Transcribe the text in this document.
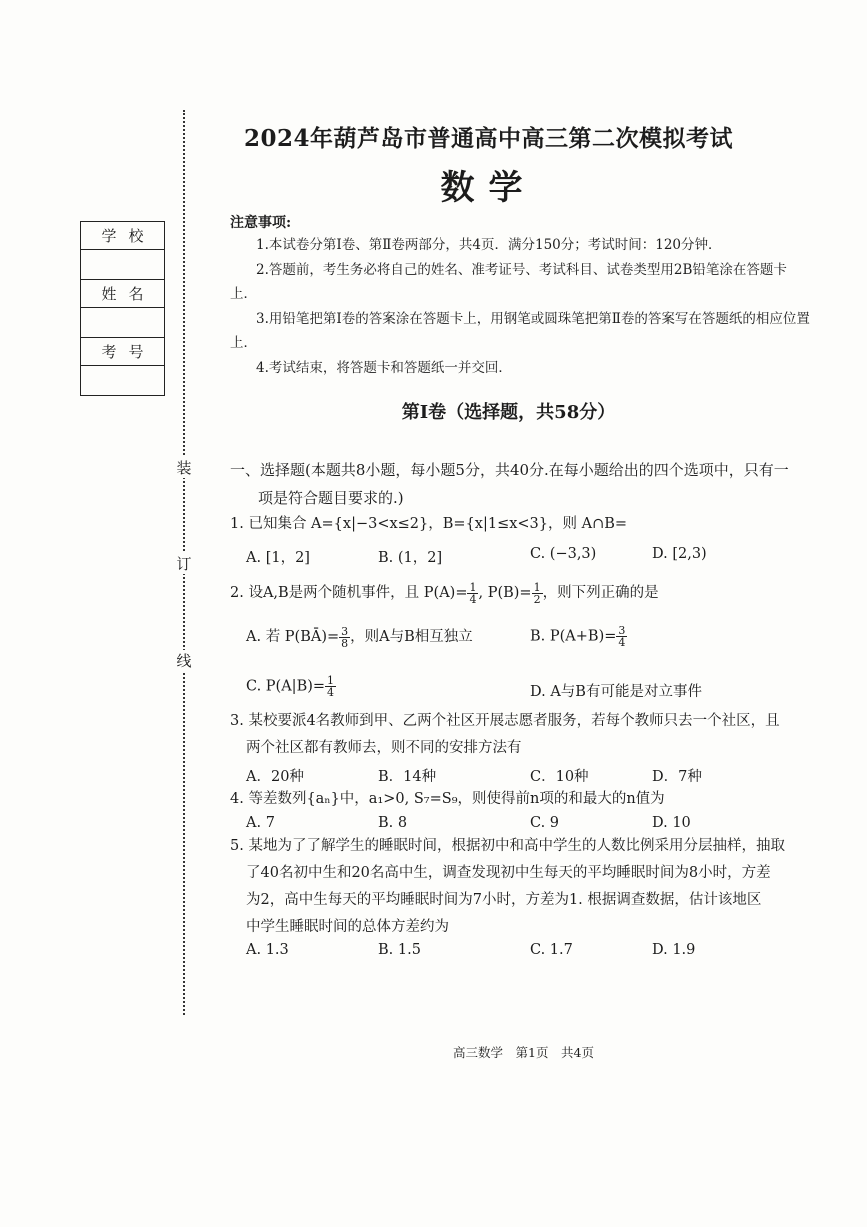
装
订
线
学校

姓名

考号

2024年葫芦岛市普通高中高三第二次模拟考试
数学
注意事项:

1.本试卷分第Ⅰ卷、第Ⅱ卷两部分，共4页．满分150分；考试时间：120分钟．

2.答题前，考生务必将自己的姓名、准考证号、考试科目、试卷类型用2B铅笔涂在答题卡上．

3.用铅笔把第Ⅰ卷的答案涂在答题卡上，用钢笔或圆珠笔把第Ⅱ卷的答案写在答题纸的相应位置上．

4.考试结束，将答题卡和答题纸一并交回．

第Ⅰ卷（选择题，共58分）
一、选择题(本题共8小题，每小题5分，共40分.在每小题给出的四个选项中，只有一
项是符合题目要求的.)
1. 已知集合 A={x|−3<x≤2}，B={x|1≤x<3}，则 A∩B=
A. [1，2]	B. (1，2]	C. (−3,3)	D. [2,3)
2. 设A,B是两个随机事件，且 $P(A)= \frac{1}{4}$ , $P(B)= \frac{1}{2}$ ，则下列正确的是
A. 若 P(BĀ)= $\frac{3}{8}$ ，则A与B相互独立	B. $P(A+B)= \frac{3}{4}$
C. $P(A|B)= \frac{1}{4}$	D. A与B有可能是对立事件
3. 某校要派4名教师到甲、乙两个社区开展志愿者服务，若每个教师只去一个社区，且
两个社区都有教师去，则不同的安排方法有
A．20种	B．14种	C．10种	D．7种
4. 等差数列{aₙ}中，a₁>0, S₇=S₉，则使得前n项的和最大的n值为
A. 7	B. 8	C. 9	D. 10
5. 某地为了了解学生的睡眠时间，根据初中和高中学生的人数比例采用分层抽样，抽取
了40名初中生和20名高中生，调查发现初中生每天的平均睡眠时间为8小时，方差
为2，高中生每天的平均睡眠时间为7小时，方差为1. 根据调查数据，估计该地区
中学生睡眠时间的总体方差约为
A. 1.3	B. 1.5	C. 1.7	D. 1.9
高三数学　第1页　共4页
